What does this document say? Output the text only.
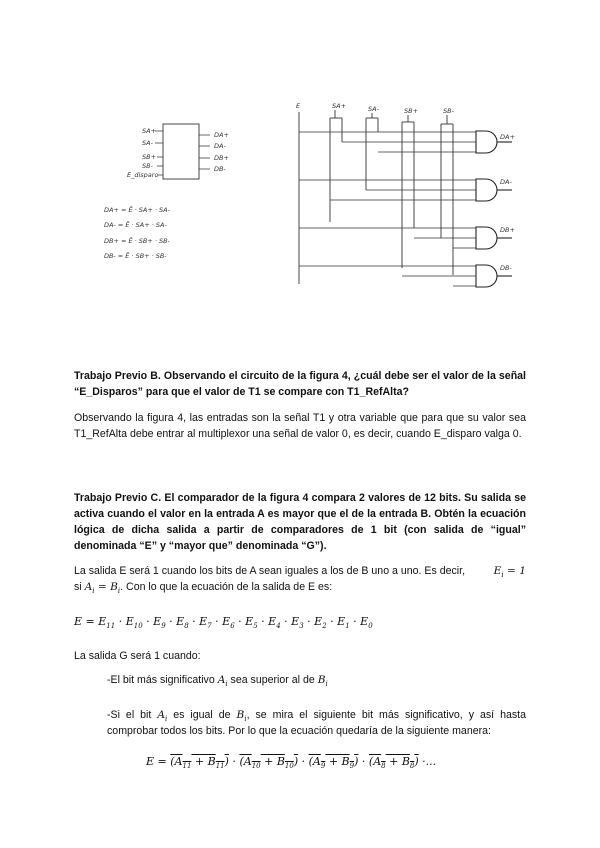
SA+
SA-
SB+
SB-
E_disparo
DA+
DA-
DB+
DB-
DA+ = Ē · SA+ · SA-
DA- = Ē · SA+ · SA-
DB+ = Ē · SB+ · SB-
DB- = Ē · SB+ · SB-
E	SA+	SA-	SB+	SB-
DA+
DA-
DB+
DB-

Trabajo Previo B. Observando el circuito de la figura 4, ¿cuál debe ser el valor de la señal “E_Disparos” para que el valor de T1 se compare con T1_RefAlta?

Observando la figura 4, las entradas son la señal T1 y otra variable que para que su valor sea T1_RefAlta debe entrar al multiplexor una señal de valor 0, es decir, cuando E_disparo valga 0.

Trabajo Previo C. El comparador de la figura 4 compara 2 valores de 12 bits. Su salida se activa cuando el valor en la entrada A es mayor que el de la entrada B. Obtén la ecuación lógica de dicha salida a partir de comparadores de 1 bit (con salida de “igual” denominada “E” y “mayor que” denominada “G”).

La salida E será 1 cuando los bits de A sean iguales a los de B uno a uno. Es decir,	$E_i = 1$

si $A_i = B_i$. Con lo que la ecuación de la salida de E es:

$E = E_{11} \cdot E_{10} \cdot E_9 \cdot E_8 \cdot E_7 \cdot E_6 \cdot E_5 \cdot E_4 \cdot E_3 \cdot E_2 \cdot E_1 \cdot E_0$

La salida G será 1 cuando:

-El bit más significativo $A_i$ sea superior al de $B_i$

-Si el bit $A_i$ es igual de $B_i$, se mira el siguiente bit más significativo, y así hasta comprobar todos los bits. Por lo que la ecuación quedaría de la siguiente manera:

$E = (A_{11} + B_{11}) \cdot (A_{10} + B_{10}) \cdot (A_9 + B_9) \cdot (A_8 + B_8)$ ·...
